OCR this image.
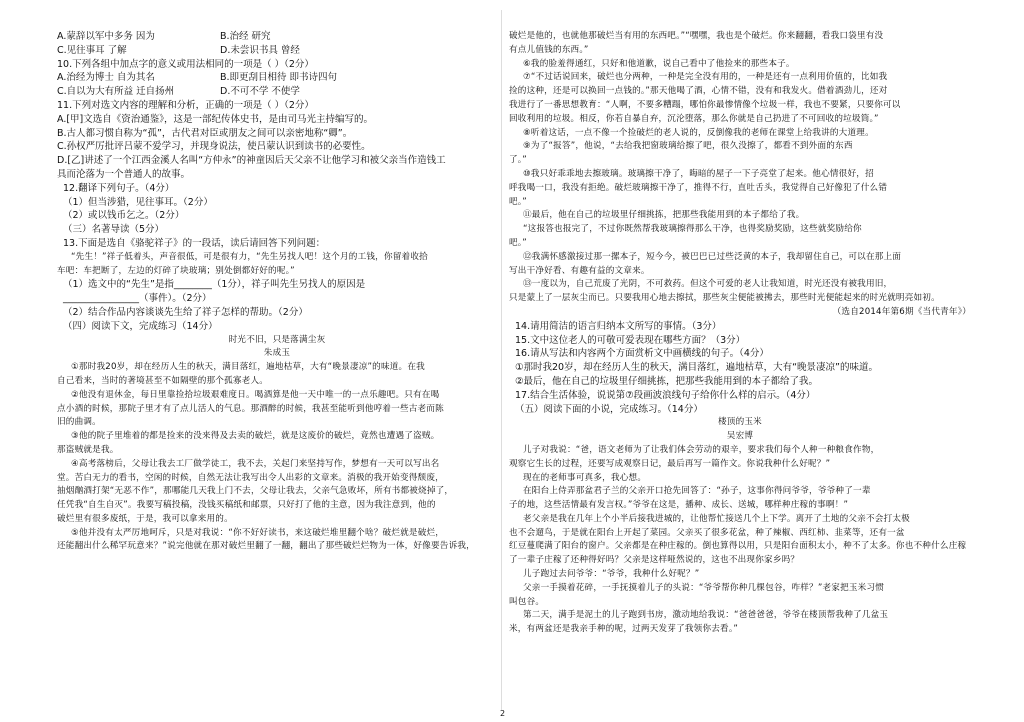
A.蒙辞以军中多务 因为	B.治经 研究
C.见往事耳 了解	D.未尝识书具 曾经
10.下列各组中加点字的意义或用法相同的一项是（ ）（2分）
A.治经为博士 自为其名	B.即更刮目相待 即书诗四句
C.自以为大有所益 迁自扬州	D.不可不学 不使学
11.下列对选文内容的理解和分析，正确的一项是（ ）（2分）
A.[甲]文选自《资治通鉴》，这是一部纪传体史书，是由司马光主持编写的。
B.古人都习惯自称为“孤”，古代君对臣或朋友之间可以亲密地称“卿”。
C.孙权严厉批评吕蒙不爱学习，并现身说法，使吕蒙认识到读书的必要性。
D.[乙]讲述了一个江西金溪人名叫“方仲永”的神童因后天父亲不让他学习和被父亲当作造钱工
具而沦落为一个普通人的故事。
12.翻译下列句子。（4分）
（1）但当涉猎，见往事耳。（2分）
（2）或以钱币乞之。（2分）
（三）名著导读（5分）
13.下面是选自《骆驼祥子》的一段话，读后请回答下列问题：
“先生！”祥子低着头，声音很低，可是很有力，“先生另找人吧！这个月的工钱，你留着收拾
车吧：车把断了，左边的灯碎了块玻璃；别处倒都好好的呢。”
（1）选文中的“先生”是指________（1分），祥子叫先生另找人的原因是
________________（事件）。（2分）
（2）结合作品内容谈谈先生给了祥子怎样的帮助。（2分）
（四）阅读下文，完成练习（14分）
时光不旧，只是落满尘灰
朱成玉
①那时我20岁，却在经历人生的秋天，满目落红，遍地枯草，大有“晚景凄凉”的味道。在我
自己看来，当时的著境甚至不如隔壁的那个孤寡老人。
②他没有退休金，每日里靠捡拾垃圾艰难度日。喝酒算是他一天中唯一的一点乐趣吧。只有在喝
点小酒的时候，那院子里才有了点儿活人的气息。那酒醉的时候，我甚至能听到他哼着一些古老而陈
旧的曲调。
③他的院子里堆着的都是捡来的没来得及去卖的破烂，就是这废价的破烂，竟然也遭遇了盗贼。
那盗贼就是我。
④高考落榜后，父母让我去工厂做学徒工，我不去，关起门来坚持写作，梦想有一天可以写出名
堂。苦白无力的看书，空闲的时候，自然无法让我写出令人出彩的文章来。消极的我开始变得颓废，
抽烟酗酒打架“无恶不作”，那哪能几天我上门不去，父母让我去，父亲气急败坏，所有书都被烧掉了，
任凭我“自生自灭”。我要写稿投稿，没钱买稿纸和邮票，只好打了他的主意，因为我注意到，他的
破烂里有很多废纸，于是，我可以拿来用的。
⑤他并没有太严厉地呵斥，只是对我说：“你不好好读书，来这破烂堆里翻个啥？破烂就是破烂，
还能翻出什么稀罕玩意来？”说完他就在那对破烂里翻了一翻，翻出了那些破烂烂物为一体，好像要告诉我，
破烂是他的，也就他那破烂当有用的东西吧。”“嘿嘿，我也是个破烂。你来翻翻，看我口袋里有没
有点儿值钱的东西。”
⑥我的脸羞得通红，只好和他道歉，说自己看中了他捡来的那些本子。
⑦“不过话说回来，破烂也分两种，一种是完全没有用的，一种是还有一点利用价值的，比如我
捡的这种，还是可以换回一点钱的。”那天他喝了酒，心情不错，没有和我发火。借着酒劲儿，还对
我进行了一番思想教育：“人啊，不要多糟蹋，哪怕你最惨情像个垃圾一样，我也不要紧，只要你可以
回收利用的垃圾。相反，你若自暴自弃，沉沦堕落，那么你就是自己扔进了不可回收的垃圾筒。”
⑧听着这话，一点不像一个捡破烂的老人说的，反倒像我的老师在课堂上给我讲的大道理。
⑨为了“报答”，他说，“去给我把窗玻璃给擦了吧，很久没擦了，都看不到外面的东西
了。”
⑩我只好乖乖地去擦玻璃。玻璃擦干净了，晦暗的屋子一下子亮堂了起来。他心情很好，招
呼我喝一口，我没有拒绝。破烂玻璃擦干净了，推得不行，直吐舌头，我觉得自己好像犯了什么错
吧。”
⑪最后，他在自己的垃圾里仔细挑拣，把那些我能用到的本子都给了我。
“这报答也报完了，不过你既然帮我玻璃擦得那么干净，也得奖励奖励，这些就奖励给你
吧。”
⑫我满怀感激接过那一摞本子，短今今，被巴巴已过些泛黄的本子，我却留住自己，可以在那上面
写出干净好看、有趣有益的文章来。
⑬一度以为，自己荒废了光阴，不可救药。但这个可爱的老人让我知道，时光还没有被我用旧，
只是蒙上了一层灰尘而已。只要我用心地去擦拭，那些灰尘便能被拂去，那些时光便能起来的时光就明亮如初。
（选自2014年第6期《当代青年》）
14.请用简洁的语言归纳本文所写的事情。（3分）
15.文中这位老人的可敬可爱表现在哪些方面？（3分）
16.请从写法和内容两个方面赏析文中画横线的句子。（4分）
①那时我20岁，却在经历人生的秋天，满目落红，遍地枯草，大有“晚景凄凉”的味道。
②最后，他在自己的垃圾里仔细挑拣，把那些我能用到的本子都给了我。
17.结合生活体验，说说第⑦段画波浪线句子给你什么样的启示。（4分）
（五）阅读下面的小说，完成练习。（14分）
楼顶的玉米
吴宏博
儿子对我说：“爸，语文老师为了让我们体会劳动的艰辛，要求我们每个人种一种粮食作物，
观察它生长的过程，还要写成观察日记，最后再写一篇作文。你说我种什么好呢？”
现在的老师事可真多，我心想。
在阳台上侍弄那盆君子兰的父亲开口抢先回答了：“孙子，这事你得问爷爷，爷爷种了一辈
子的地，这些活情最有发言权。”爷爷在这是，播种、成长、送城，哪样种庄稼的事啊！”
老父亲是我在几年上个小半后接我进城的，让他帮忙接送几个上下学。离开了土地的父亲不会打太极
也不会遛鸟，于是就在阳台上开起了菜园。父亲买了很多花盆，种了辣椒、西红柿、韭菜等，还有一盆
红豆蔓爬满了阳台的窗户。父亲都是在种庄稼的。倒也算得以用，只是阳台面积太小，种不了太多。你也不种什么庄稼
了一辈子庄稼了还种得好吗？父亲是这样哑然说的，这也不出现你家乡吗？
儿子跑过去问爷爷：“爷爷，我种什么好呢？”
父亲一手摸着花碎，一手抚摸着儿子的头说：“爷爷帮你种几棵包谷，咋样？”老家把玉米习惯
叫包谷。
第二天，满手是泥土的儿子跑到书房，激动地给我说：“爸爸爸爸，爷爷在楼顶帮我种了几盆玉
米，有两盆还是我亲手种的呢，过两天发芽了我领你去看。”
2
